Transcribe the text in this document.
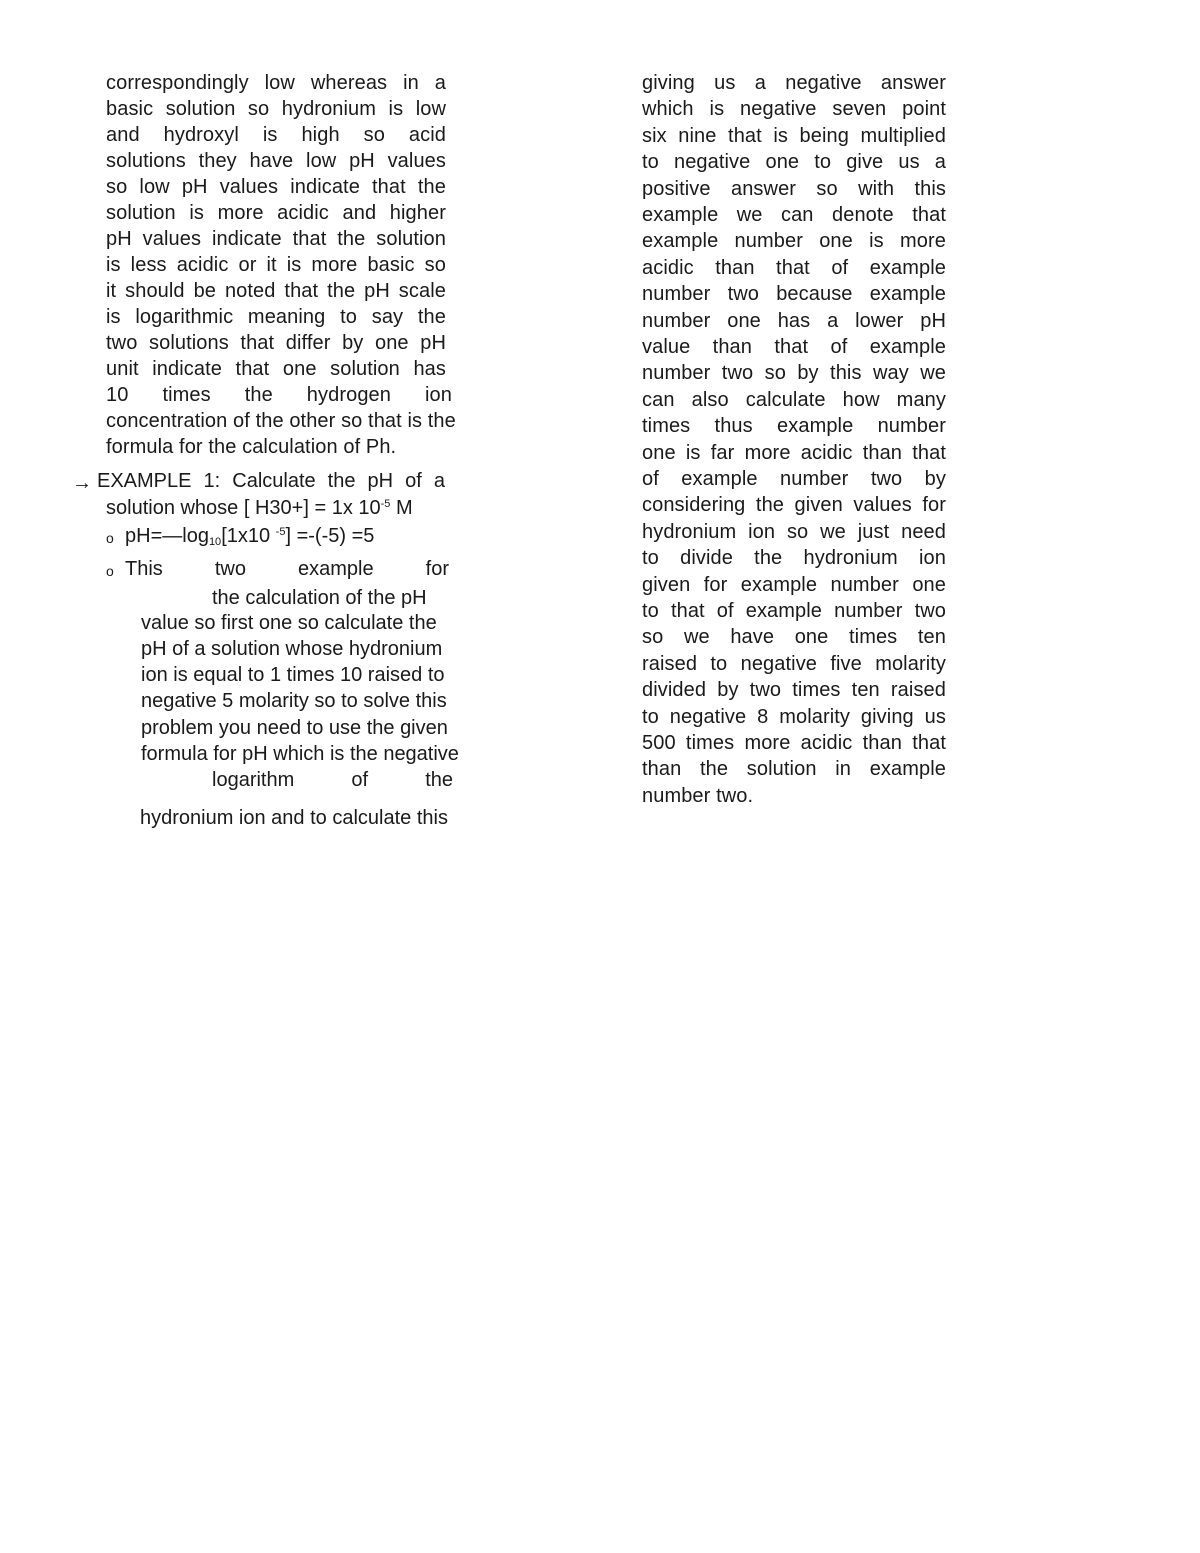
correspondingly low whereas in a
basic solution so hydronium is low
and hydroxyl is high so acid
solutions they have low pH values
so low pH values indicate that the
solution is more acidic and higher
pH values indicate that the solution
is less acidic or it is more basic so
it should be noted that the pH scale
is logarithmic meaning to say the
two solutions that differ by one pH
unit indicate that one solution has
10 times the hydrogen ion
concentration of the other so that is the
formula for the calculation of Ph.
→ EXAMPLE 1: Calculate the pH of a
solution whose [ H30+] = 1x $10^{-5}$ M
o $pH=—\log_{10}[1x10$ $^{-5}$] =-(-5) =5
o This two example for
the calculation of the pH
value so first one so calculate the
pH of a solution whose hydronium
ion is equal to 1 times 10 raised to
negative 5 molarity so to solve this
problem you need to use the given
formula for pH which is the negative
logarithm of the
hydronium ion and to calculate this
giving us a negative answer
which is negative seven point
six nine that is being multiplied
to negative one to give us a
positive answer so with this
example we can denote that
example number one is more
acidic than that of example
number two because example
number one has a lower pH
value than that of example
number two so by this way we
can also calculate how many
times thus example number
one is far more acidic than that
of example number two by
considering the given values for
hydronium ion so we just need
to divide the hydronium ion
given for example number one
to that of example number two
so we have one times ten
raised to negative five molarity
divided by two times ten raised
to negative 8 molarity giving us
500 times more acidic than that
than the solution in example
number two.
